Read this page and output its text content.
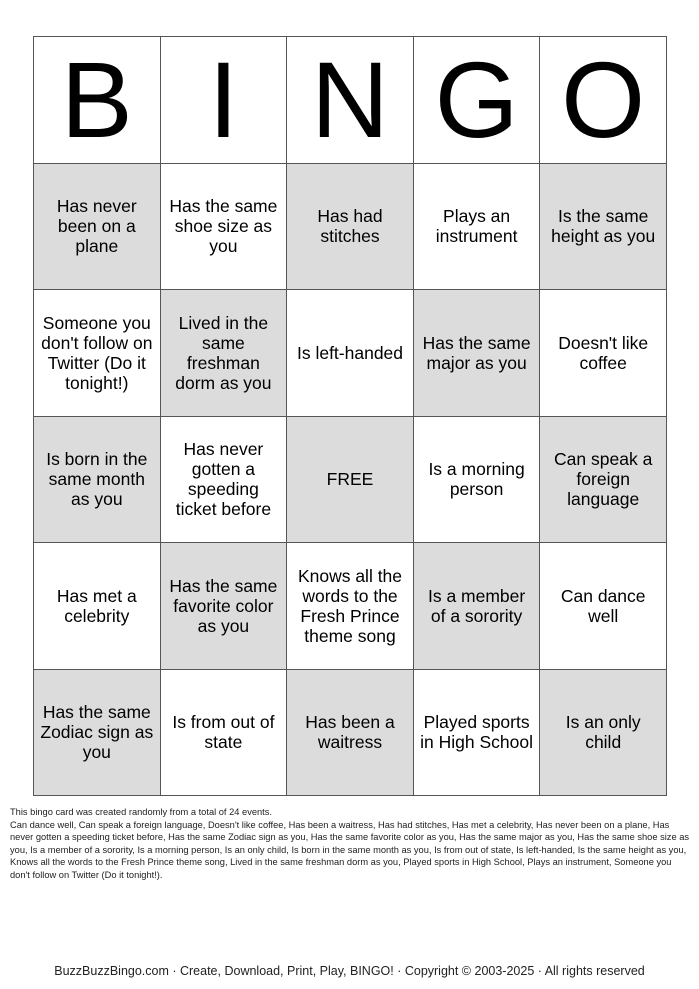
B I N G O
Has never been on a plane
Has the same shoe size as you
Has had stitches
Plays an instrument
Is the same height as you
Someone you don't follow on Twitter (Do it tonight!)
Lived in the same freshman dorm as you
Is left-handed	Has the same major as you
Doesn't like coffee
Is born in the same month as you
Has never gotten a speeding ticket before
FREE	Is a morning person
Can speak a foreign language
Has met a celebrity
Has the same favorite color as you
Knows all the words to the Fresh Prince theme song
Is a member of a sorority
Can dance well
Has the same Zodiac sign as you
Is from out of state
Has been a waitress
Played sports in High School
Is an only child
This bingo card was created randomly from a total of 24 events.
Can dance well, Can speak a foreign language, Doesn't like coffee, Has been a waitress, Has had stitches, Has met a celebrity, Has never been on a plane, Has never gotten a speeding ticket before, Has the same Zodiac sign as you, Has the same favorite color as you, Has the same major as you, Has the same shoe size as you, Is a member of a sorority, Is a morning person, Is an only child, Is born in the same month as you, Is from out of state, Is left-handed, Is the same height as you, Knows all the words to the Fresh Prince theme song, Lived in the same freshman dorm as you, Played sports in High School, Plays an instrument, Someone you don't follow on Twitter (Do it tonight!).
BuzzBuzzBingo.com · Create, Download, Print, Play, BINGO! · Copyright © 2003-2025 · All rights reserved
